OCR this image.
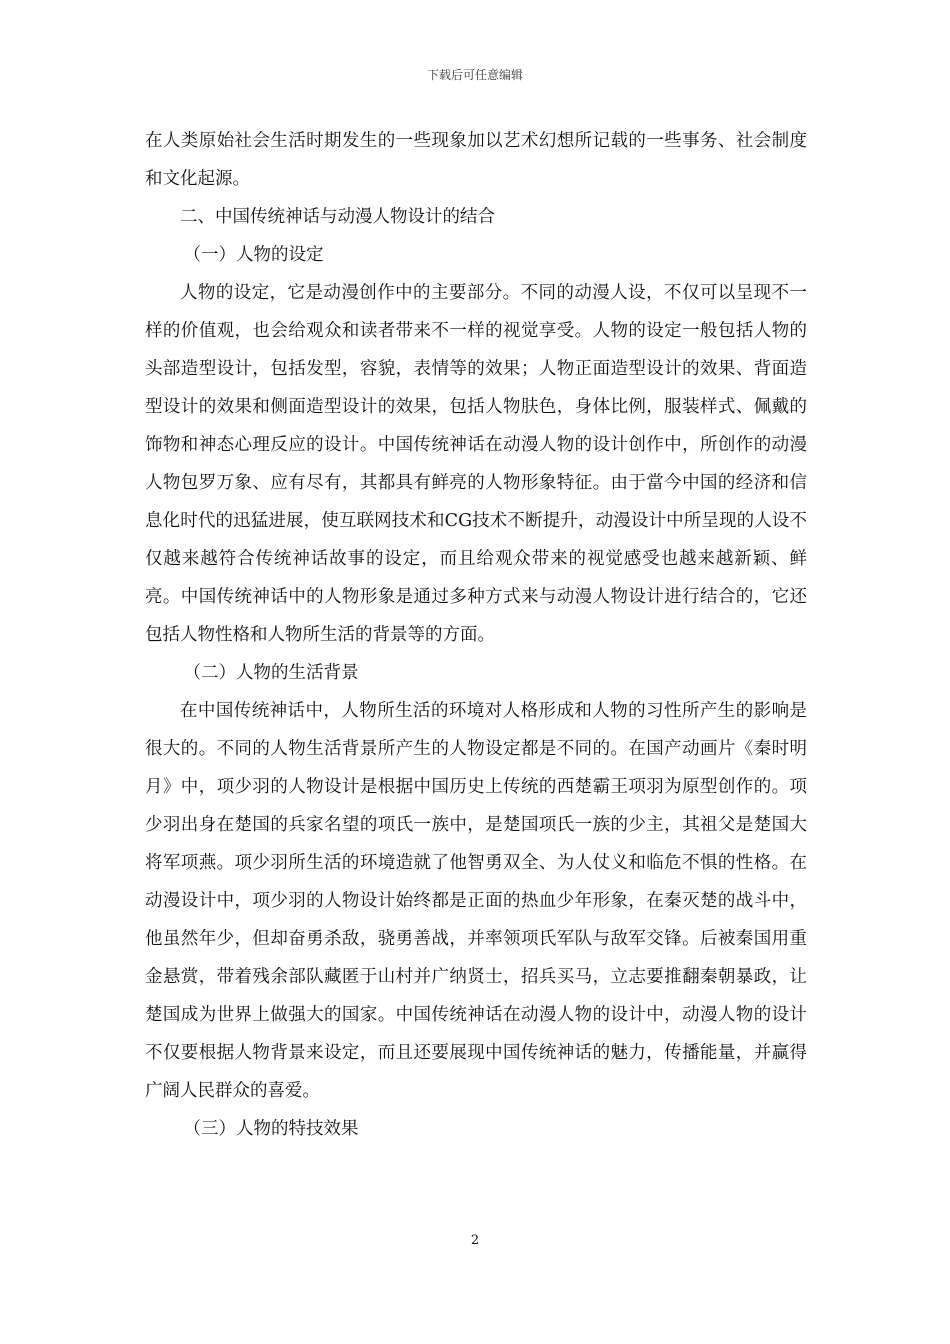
下载后可任意编辑

在人类原始社会生活时期发生的一些现象加以艺术幻想所记载的一些事务、社会制度和文化起源。

二、中国传统神话与动漫人物设计的结合

（一）人物的设定

人物的设定，它是动漫创作中的主要部分。不同的动漫人设，不仅可以呈现不一样的价值观，也会给观众和读者带来不一样的视觉享受。人物的设定一般包括人物的头部造型设计，包括发型，容貌，表情等的效果；人物正面造型设计的效果、背面造型设计的效果和侧面造型设计的效果，包括人物肤色，身体比例，服装样式、佩戴的饰物和神态心理反应的设计。中国传统神话在动漫人物的设计创作中，所创作的动漫人物包罗万象、应有尽有，其都具有鲜亮的人物形象特征。由于當今中国的经济和信息化时代的迅猛进展，使互联网技术和CG技术不断提升，动漫设计中所呈现的人设不仅越来越符合传统神话故事的设定，而且给观众带来的视觉感受也越来越新颖、鲜亮。中国传统神话中的人物形象是通过多种方式来与动漫人物设计进行结合的，它还包括人物性格和人物所生活的背景等的方面。

（二）人物的生活背景

在中国传统神话中，人物所生活的环境对人格形成和人物的习性所产生的影响是很大的。不同的人物生活背景所产生的人物设定都是不同的。在国产动画片《秦时明月》中，项少羽的人物设计是根据中国历史上传统的西楚霸王项羽为原型创作的。项少羽出身在楚国的兵家名望的项氏一族中，是楚国项氏一族的少主，其祖父是楚国大将军项燕。项少羽所生活的环境造就了他智勇双全、为人仗义和临危不惧的性格。在动漫设计中，项少羽的人物设计始终都是正面的热血少年形象，在秦灭楚的战斗中，他虽然年少，但却奋勇杀敌，骁勇善战，并率领项氏军队与敌军交锋。后被秦国用重金悬赏，带着残余部队藏匿于山村并广纳贤士，招兵买马，立志要推翻秦朝暴政，让楚国成为世界上做强大的国家。中国传统神话在动漫人物的设计中，动漫人物的设计不仅要根据人物背景来设定，而且还要展现中国传统神话的魅力，传播能量，并赢得广阔人民群众的喜爱。

（三）人物的特技效果

2
